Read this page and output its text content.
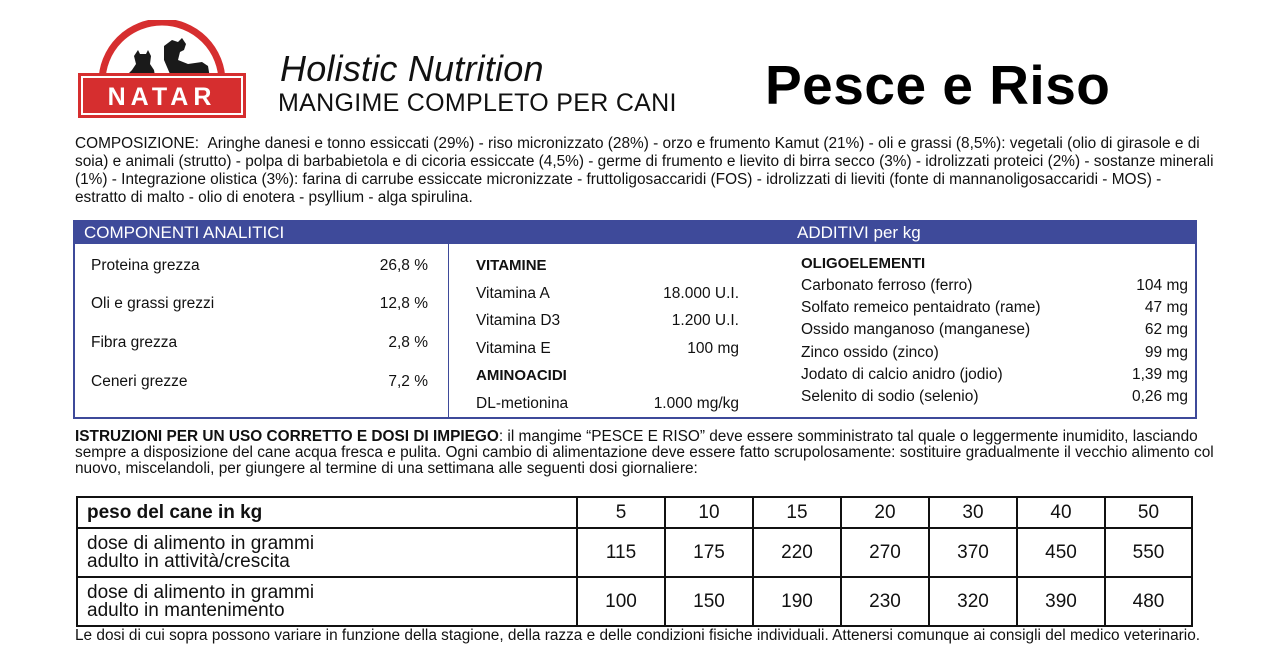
NATAR
Holistic Nutrition
MANGIME COMPLETO PER CANI Pesce e Riso
COMPOSIZIONE: Aringhe danesi e tonno essiccati (29%) - riso micronizzato (28%) - orzo e frumento Kamut (21%) - oli e grassi (8,5%): vegetali (olio di girasole e di soia) e animali (strutto) - polpa di barbabietola e di cicoria essiccate (4,5%) - germe di frumento e lievito di birra secco (3%) - idrolizzati proteici (2%) - sostanze minerali (1%) - Integrazione olistica (3%): farina di carrube essiccate micronizzate - fruttoligosaccaridi (FOS) - idrolizzati di lieviti (fonte di mannanoligosaccaridi - MOS) - estratto di malto - olio di enotera - psyllium - alga spirulina.
COMPONENTI ANALITICI	ADDITIVI per kg
Proteina grezza	26,8 %
Oli e grassi grezzi	12,8 %
Fibra grezza	2,8 %
Ceneri grezze	7,2 %
VITAMINE
Vitamina A	18.000 U.I.
Vitamina D3	1.200 U.I.
Vitamina E	100 mg
AMINOACIDI
DL-metionina	1.000 mg/kg
OLIGOELEMENTI
Carbonato ferroso (ferro)	104 mg
Solfato remeico pentaidrato (rame)	47 mg
Ossido manganoso (manganese)	62 mg
Zinco ossido (zinco)	99 mg
Jodato di calcio anidro (jodio)	1,39 mg
Selenito di sodio (selenio)	0,26 mg
ISTRUZIONI PER UN USO CORRETTO E DOSI DI IMPIEGO: il mangime “PESCE E RISO” deve essere somministrato tal quale o leggermente inumidito, lasciando sempre a disposizione del cane acqua fresca e pulita. Ogni cambio di alimentazione deve essere fatto scrupolosamente: sostituire gradualmente il vecchio alimento col nuovo, miscelandoli, per giungere al termine di una settimana alle seguenti dosi giornaliere:
peso del cane in kg	5	10	15	20	30	40	50

dose di alimento in grammi
adulto in attività/crescita	115	175	220	270	370	450	550

dose di alimento in grammi
adulto in mantenimento	100	150	190	230	320	390	480
Le dosi di cui sopra possono variare in funzione della stagione, della razza e delle condizioni fisiche individuali. Attenersi comunque ai consigli del medico veterinario.
